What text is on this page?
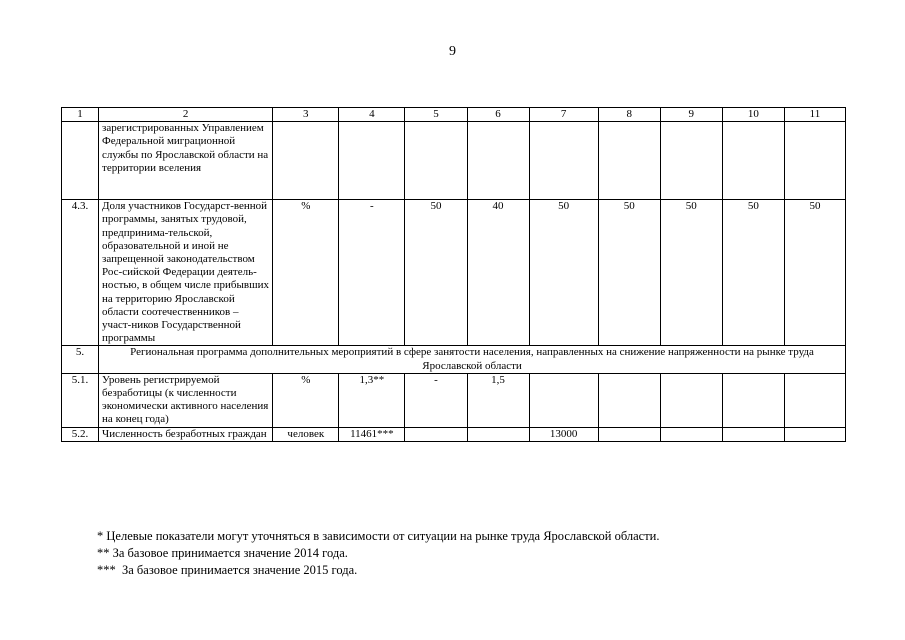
9
1	2	3	4	5	6	7	8	9	10	11
	зарегистрированных Управлением Федеральной миграционной службы по Ярославской области на территории вселения									
4.3.	Доля участников Государст-венной программы, занятых трудовой, предпринима-тельской, образовательной и иной не запрещенной законодательством Рос-сийской Федерации деятель-ностью, в общем числе прибывших на территорию Ярославской области соотечественников – участ-ников Государственной программы	%	-	50	40	50	50	50	50	50
5.	Региональная программа дополнительных мероприятий в сфере занятости населения, направленных на снижение напряженности на рынке труда Ярославской области									
5.1.	Уровень регистрируемой безработицы (к численности экономически активного населения на конец года)	%	1,3**	-	1,5					
5.2.	Численность безработных граждан	человек	11461***			13000				
* Целевые показатели могут уточняться в зависимости от ситуации на рынке труда Ярославской области.
** За базовое принимается значение 2014 года.
***  За базовое принимается значение 2015 года.
